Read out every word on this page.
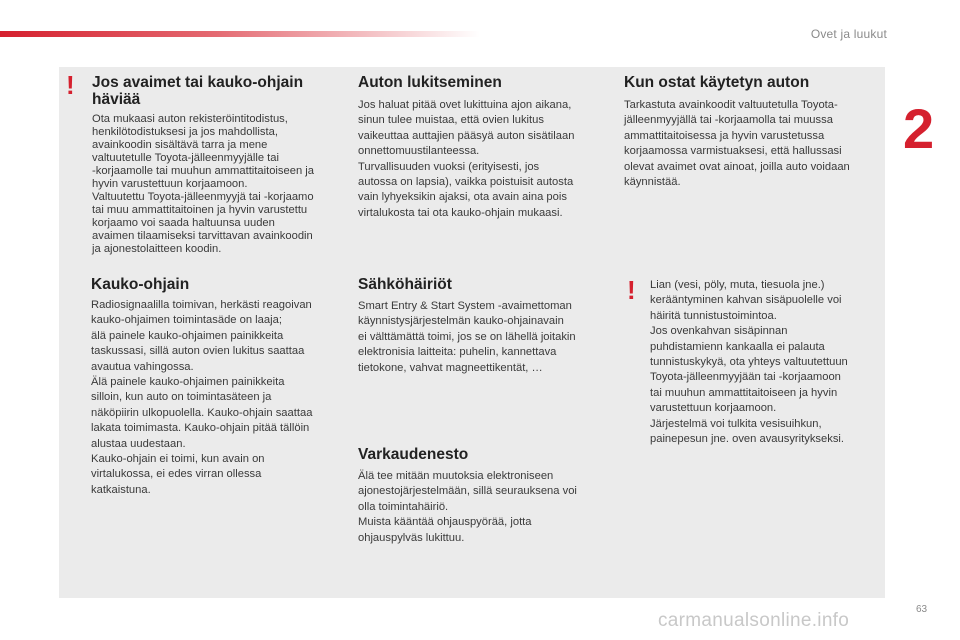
Ovet ja luukut
2
! Jos avaimet tai kauko-ohjain
häviää

Ota mukaasi auton rekisteröintitodistus,
henkilötodistuksesi ja jos mahdollista,
avainkoodin sisältävä tarra ja mene
valtuutetulle Toyota-jälleenmyyjälle tai
-korjaamolle tai muuhun ammattitaitoiseen ja
hyvin varustettuun korjaamoon.
Valtuutettu Toyota-jälleenmyyjä tai -korjaamo
tai muu ammattitaitoinen ja hyvin varustettu
korjaamo voi saada haltuunsa uuden
avaimen tilaamiseksi tarvittavan avainkoodin
ja ajonestolaitteen koodin.

Kauko-ohjain

Radiosignaalilla toimivan, herkästi reagoivan
kauko-ohjaimen toimintasäde on laaja;
älä painele kauko-ohjaimen painikkeita
taskussasi, sillä auton ovien lukitus saattaa
avautua vahingossa.
Älä painele kauko-ohjaimen painikkeita
silloin, kun auto on toimintasäteen ja
näköpiirin ulkopuolella. Kauko-ohjain saattaa
lakata toimimasta. Kauko-ohjain pitää tällöin
alustaa uudestaan.
Kauko-ohjain ei toimi, kun avain on
virtalukossa, ei edes virran ollessa
katkaistuna.

Auton lukitseminen

Jos haluat pitää ovet lukittuina ajon aikana,
sinun tulee muistaa, että ovien lukitus
vaikeuttaa auttajien pääsyä auton sisätilaan
onnettomuustilanteessa.
Turvallisuuden vuoksi (erityisesti, jos
autossa on lapsia), vaikka poistuisit autosta
vain lyhyeksikin ajaksi, ota avain aina pois
virtalukosta tai ota kauko-ohjain mukaasi.

Sähköhäiriöt

Smart Entry & Start System -avaimettoman
käynnistysjärjestelmän kauko-ohjainavain
ei välttämättä toimi, jos se on lähellä joitakin
elektronisia laitteita: puhelin, kannettava
tietokone, vahvat magneettikentät, …

Varkaudenesto

Älä tee mitään muutoksia elektroniseen
ajonestojärjestelmään, sillä seurauksena voi
olla toimintahäiriö.
Muista kääntää ohjauspyörää, jotta
ohjauspylväs lukittuu.

Kun ostat käytetyn auton

Tarkastuta avainkoodit valtuutetulla Toyota-
jälleenmyyjällä tai -korjaamolla tai muussa
ammattitaitoisessa ja hyvin varustetussa
korjaamossa varmistuaksesi, että hallussasi
olevat avaimet ovat ainoat, joilla auto voidaan
käynnistää.

! Lian (vesi, pöly, muta, tiesuola jne.)
kerääntyminen kahvan sisäpuolelle voi
häiritä tunnistustoimintoa.
Jos ovenkahvan sisäpinnan
puhdistamienn kankaalla ei palauta
tunnistuskykyä, ota yhteys valtuutettuun
Toyota-jälleenmyyjään tai -korjaamoon
tai muuhun ammattitaitoiseen ja hyvin
varustettuun korjaamoon.
Järjestelmä voi tulkita vesisuihkun,
painepesun jne. oven avausyritykseksi.

63
carmanualsonline.info
